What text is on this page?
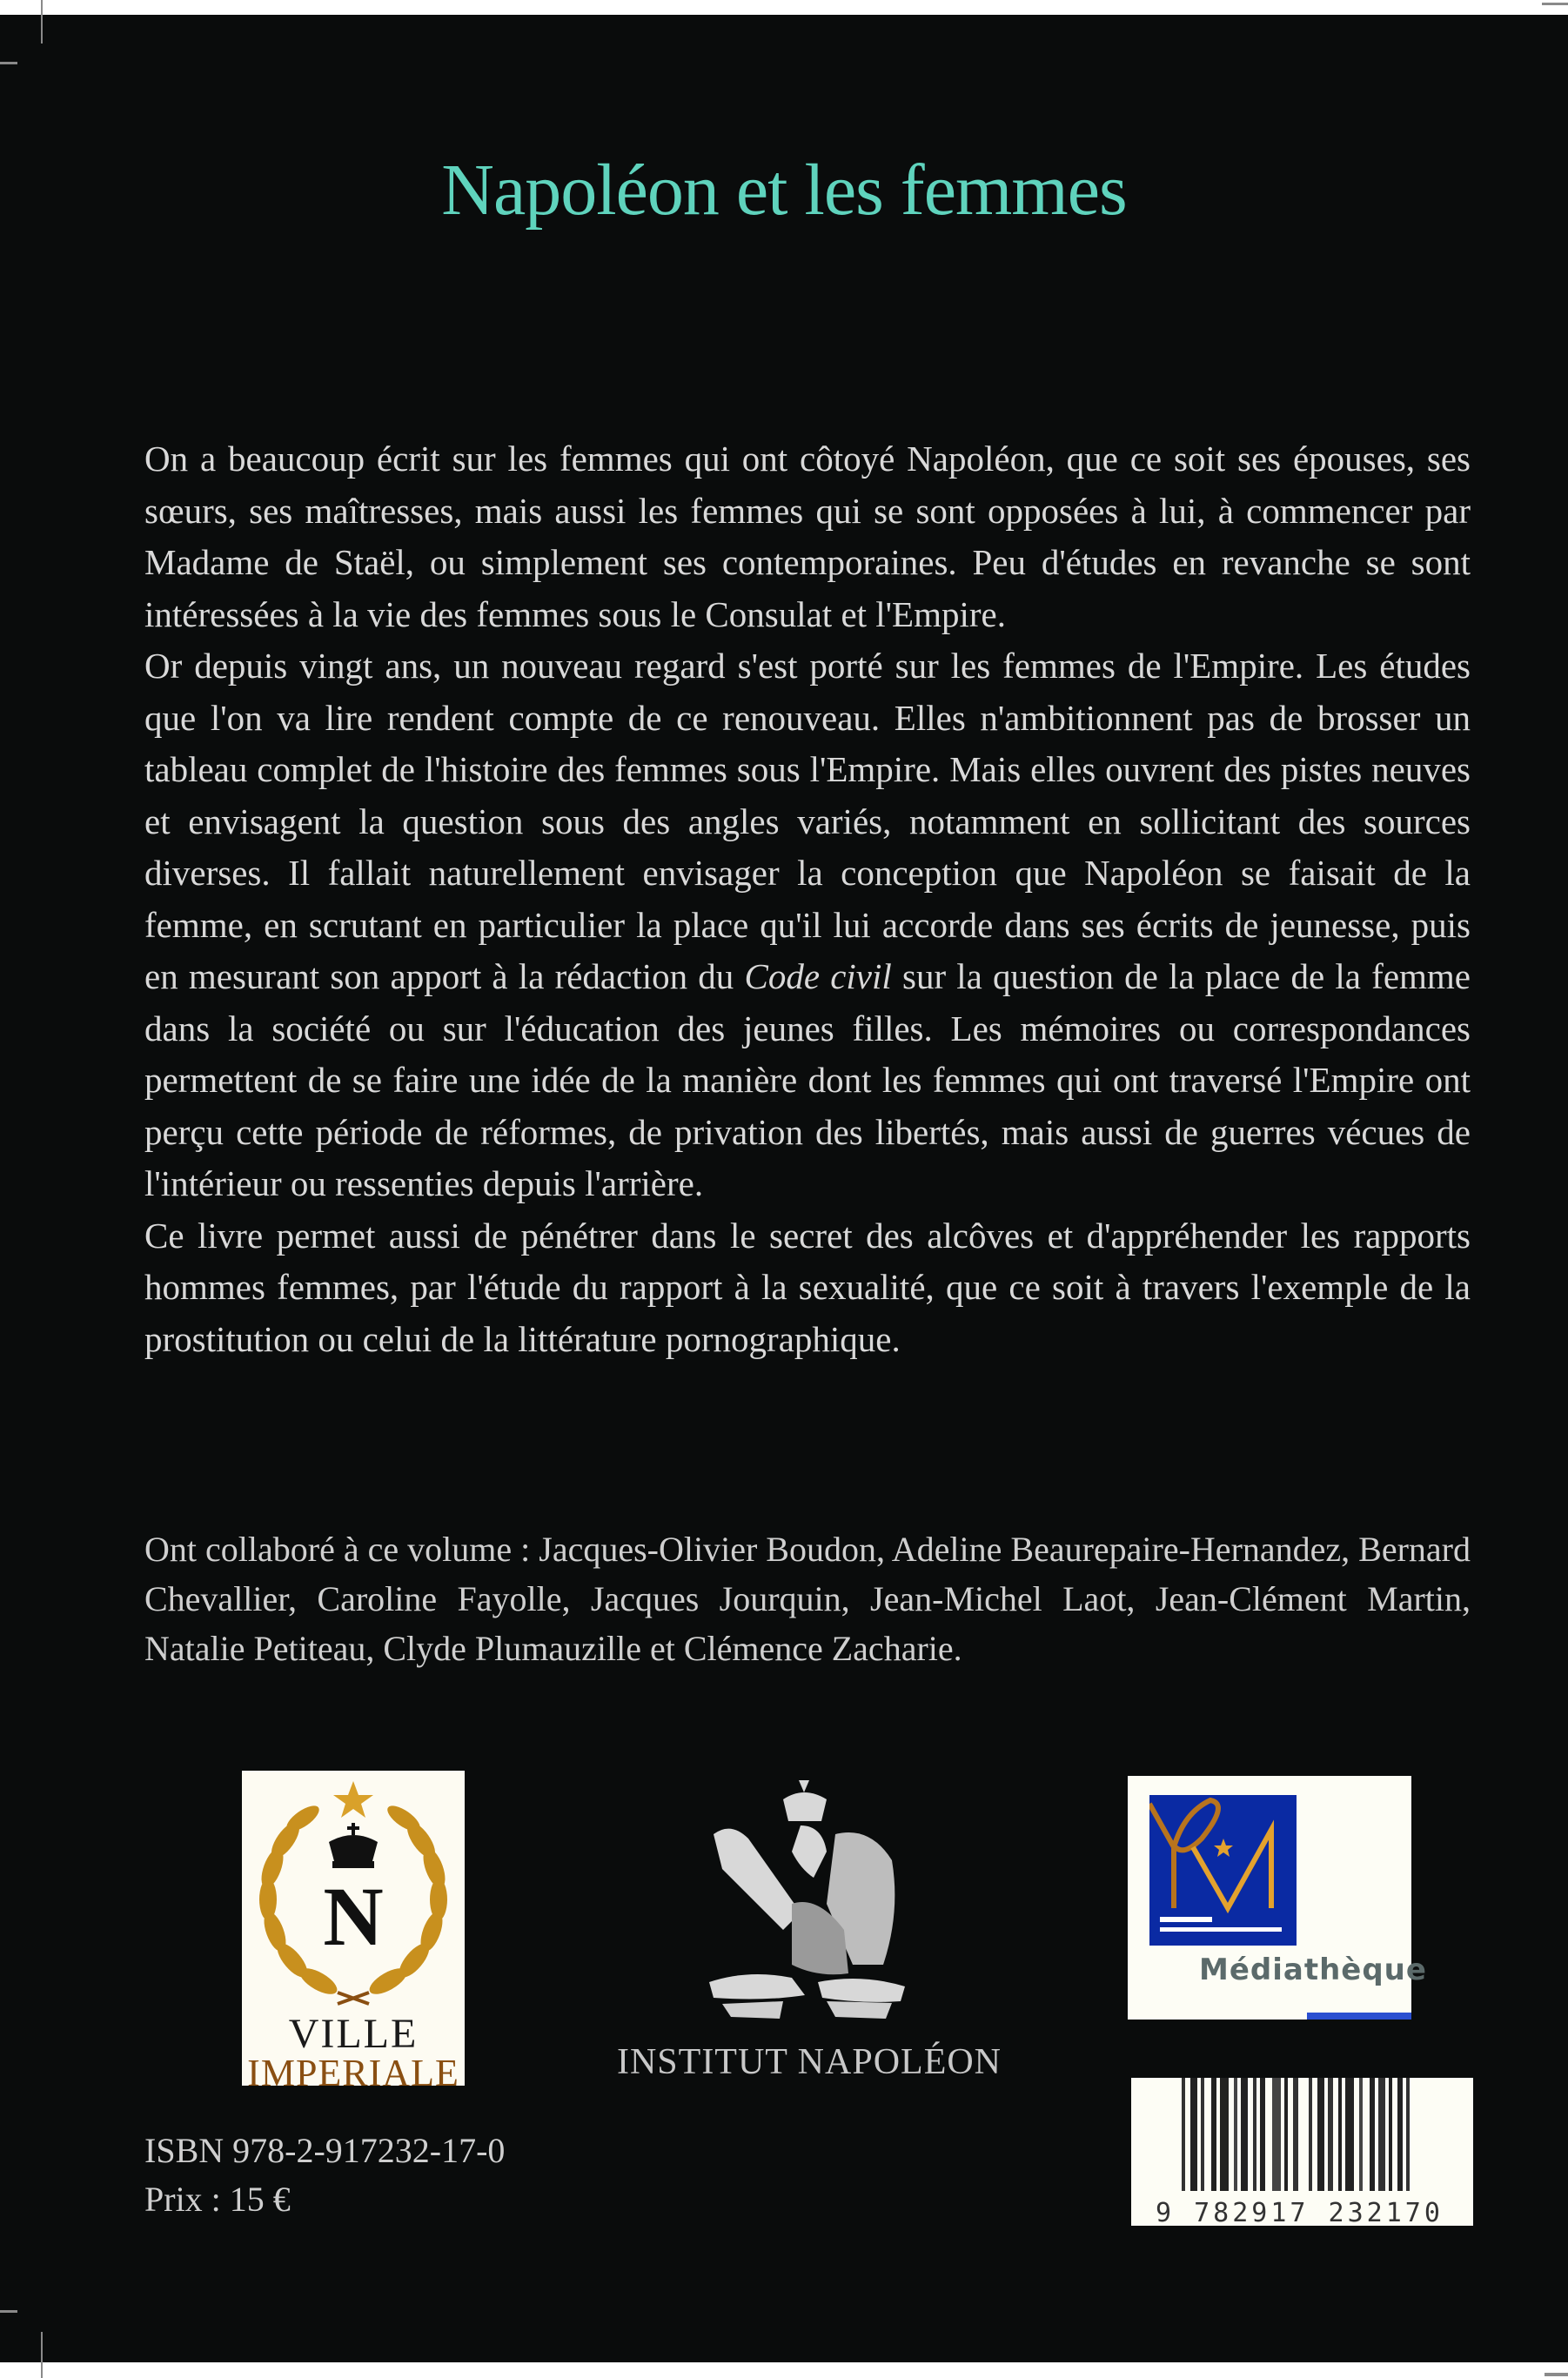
Napoléon et les femmes

On a beaucoup écrit sur les femmes qui ont côtoyé Napoléon, que ce soit ses épouses, ses sœurs, ses maîtresses, mais aussi les femmes qui se sont opposées à lui, à commencer par Madame de Staël, ou simplement ses contemporaines. Peu d'études en revanche se sont intéressées à la vie des femmes sous le Consulat et l'Empire.

Or depuis vingt ans, un nouveau regard s'est porté sur les femmes de l'Empire. Les études que l'on va lire rendent compte de ce renouveau. Elles n'ambitionnent pas de brosser un tableau complet de l'histoire des femmes sous l'Empire. Mais elles ouvrent des pistes neuves et envisagent la question sous des angles variés, notamment en sollicitant des sources diverses. Il fallait naturellement envisager la conception que Napoléon se faisait de la femme, en scrutant en particulier la place qu'il lui accorde dans ses écrits de jeunesse, puis en mesurant son apport à la rédaction du Code civil sur la question de la place de la femme dans la société ou sur l'éducation des jeunes filles. Les mémoires ou correspondances permettent de se faire une idée de la manière dont les femmes qui ont traversé l'Empire ont perçu cette période de réformes, de privation des libertés, mais aussi de guerres vécues de l'intérieur ou ressenties depuis l'arrière.

Ce livre permet aussi de pénétrer dans le secret des alcôves et d'appréhender les rapports hommes femmes, par l'étude du rapport à la sexualité, que ce soit à travers l'exemple de la prostitution ou celui de la littérature pornographique.

Ont collaboré à ce volume : Jacques-Olivier Boudon, Adeline Beaurepaire-Hernandez, Bernard Chevallier, Caroline Fayolle, Jacques Jourquin, Jean-Michel Laot, Jean-Clément Martin, Natalie Petiteau, Clyde Plumauzille et Clémence Zacharie.
N
VILLE
IMPERIALE	INSTITUT NAPOLÉON
Médiathèque
9 782917 232170
ISBN 978-2-917232-17-0
Prix : 15 €
